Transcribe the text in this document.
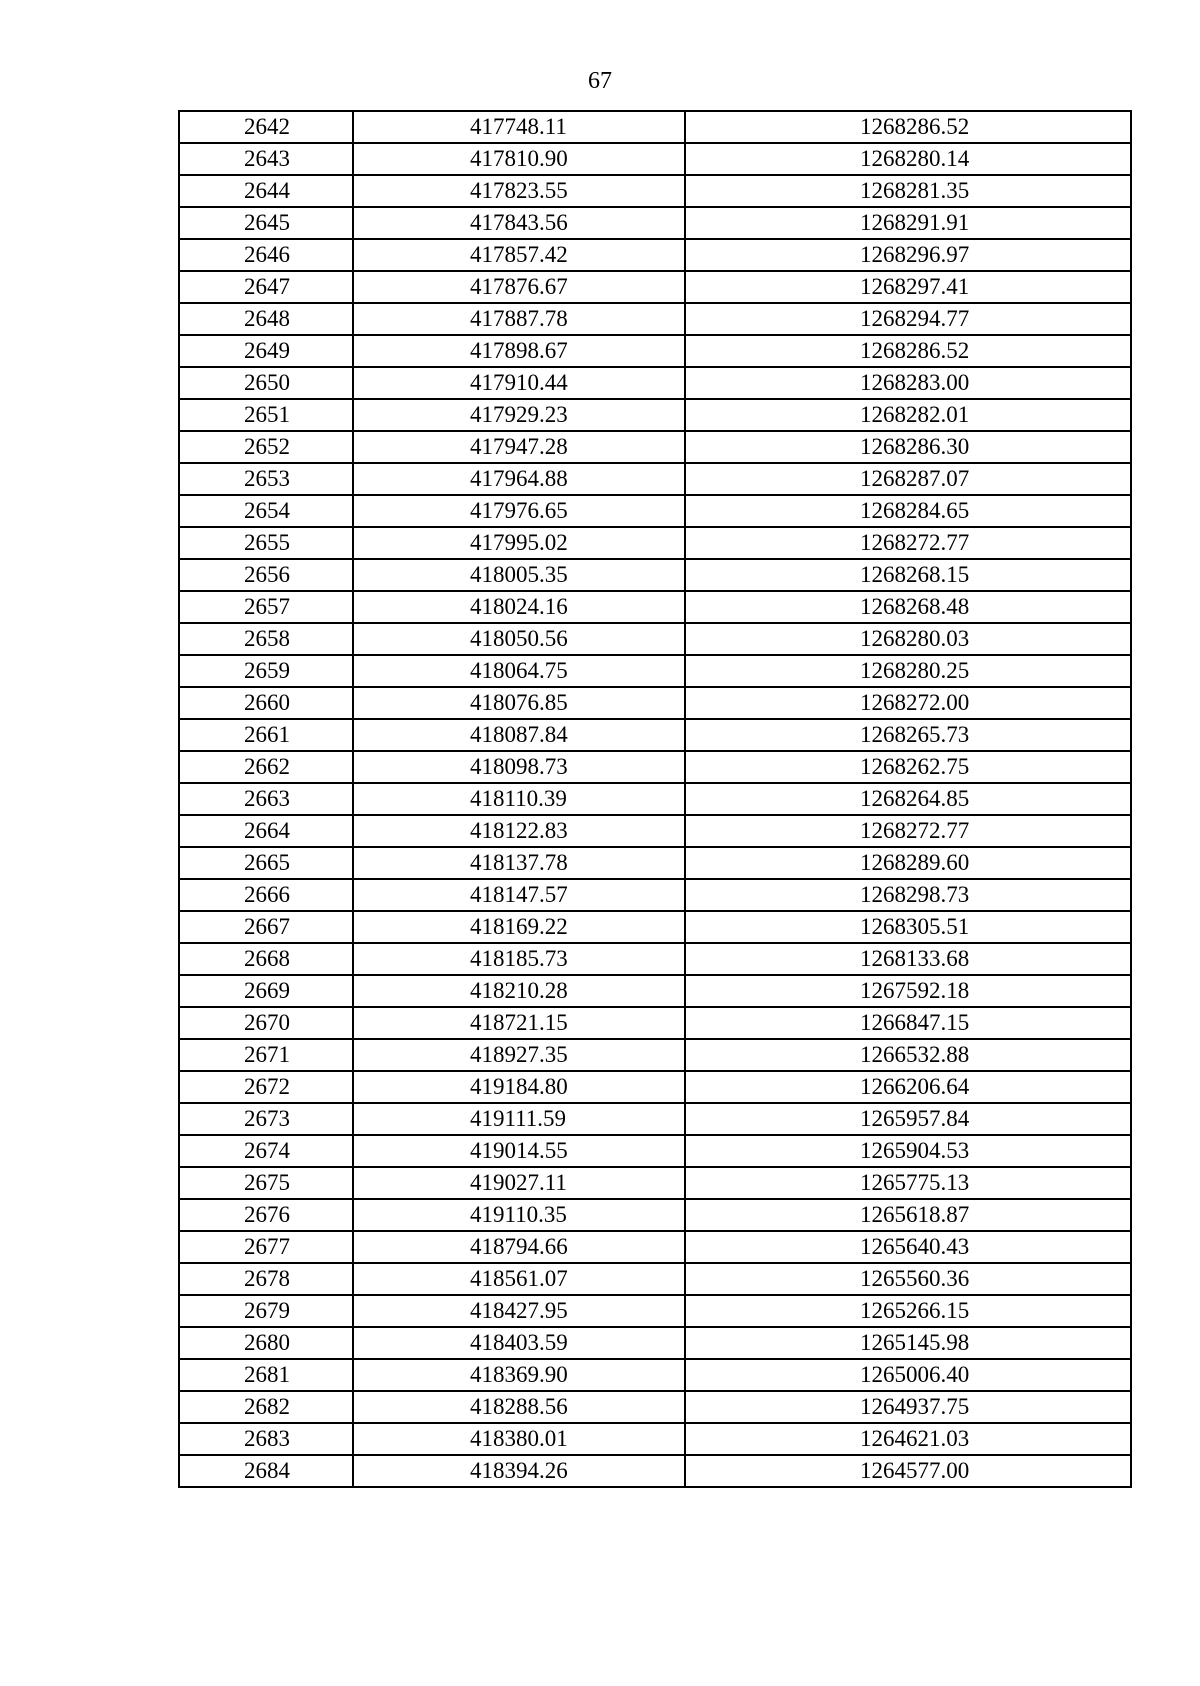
67
2642	417748.11	1268286.52
2643	417810.90	1268280.14
2644	417823.55	1268281.35
2645	417843.56	1268291.91
2646	417857.42	1268296.97
2647	417876.67	1268297.41
2648	417887.78	1268294.77
2649	417898.67	1268286.52
2650	417910.44	1268283.00
2651	417929.23	1268282.01
2652	417947.28	1268286.30
2653	417964.88	1268287.07
2654	417976.65	1268284.65
2655	417995.02	1268272.77
2656	418005.35	1268268.15
2657	418024.16	1268268.48
2658	418050.56	1268280.03
2659	418064.75	1268280.25
2660	418076.85	1268272.00
2661	418087.84	1268265.73
2662	418098.73	1268262.75
2663	418110.39	1268264.85
2664	418122.83	1268272.77
2665	418137.78	1268289.60
2666	418147.57	1268298.73
2667	418169.22	1268305.51
2668	418185.73	1268133.68
2669	418210.28	1267592.18
2670	418721.15	1266847.15
2671	418927.35	1266532.88
2672	419184.80	1266206.64
2673	419111.59	1265957.84
2674	419014.55	1265904.53
2675	419027.11	1265775.13
2676	419110.35	1265618.87
2677	418794.66	1265640.43
2678	418561.07	1265560.36
2679	418427.95	1265266.15
2680	418403.59	1265145.98
2681	418369.90	1265006.40
2682	418288.56	1264937.75
2683	418380.01	1264621.03
2684	418394.26	1264577.00
